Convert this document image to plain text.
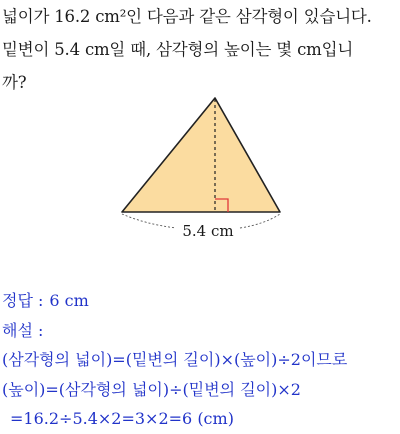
넓이가 16.2 cm²인 다음과 같은 삼각형이 있습니다.
밑변이 5.4 cm일 때, 삼각형의 높이는 몇 cm입니
까?
5.4 cm
정답 : 6 cm
해설 :
(삼각형의 넓이)=(밑변의 길이)×(높이)÷2이므로
(높이)=(삼각형의 넓이)÷(밑변의 길이)×2
=16.2÷5.4×2=3×2=6 (cm)
